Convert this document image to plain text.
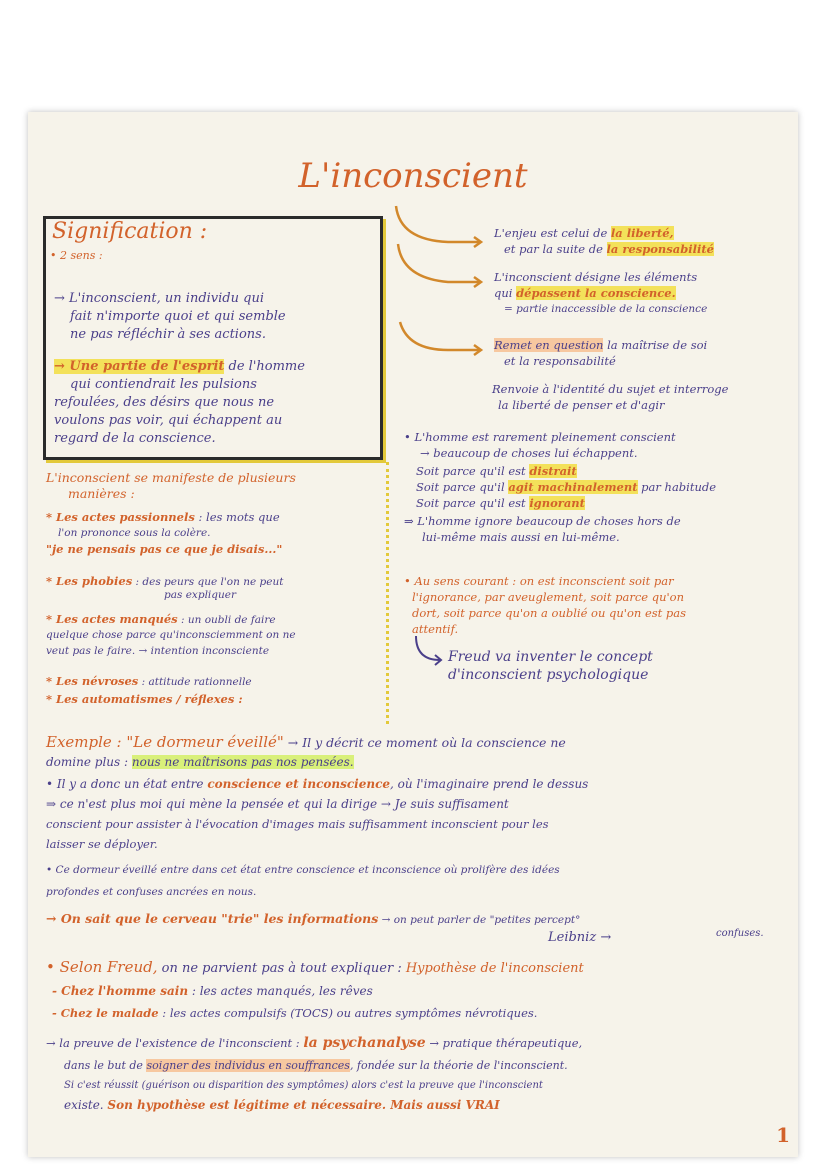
L'inconscient
Signification :
• 2 sens :
→ L'inconscient, un individu qui
fait n'importe quoi et qui semble
ne pas réfléchir à ses actions.
→ Une partie de l'esprit de l'homme
qui contiendrait les pulsions
refoulées, des désirs que nous ne
voulons pas voir, qui échappent au
regard de la conscience.
L'enjeu est celui de la liberté,
et par la suite de la responsabilité
L'inconscient désigne les éléments
qui dépassent la conscience.
= partie inaccessible de la conscience
Remet en question la maîtrise de soi
et la responsabilité
Renvoie à l'identité du sujet et interroge
la liberté de penser et d'agir
• L'homme est rarement pleinement conscient
→ beaucoup de choses lui échappent.
Soit parce qu'il est distrait
Soit parce qu'il agit machinalement par habitude
Soit parce qu'il est ignorant
⇒ L'homme ignore beaucoup de choses hors de
lui-même mais aussi en lui-même.
• Au sens courant : on est inconscient soit par
l'ignorance, par aveuglement, soit parce qu'on
dort, soit parce qu'on a oublié ou qu'on est pas
attentif.
Freud va inventer le concept
d'inconscient psychologique
L'inconscient se manifeste de plusieurs
manières :
* Les actes passionnels : les mots que
l'on prononce sous la colère.
"je ne pensais pas ce que je disais..."
* Les phobies : des peurs que l'on ne peut
pas expliquer
* Les actes manqués : un oubli de faire
quelque chose parce qu'inconsciemment on ne
veut pas le faire. → intention inconsciente
* Les névroses : attitude rationnelle
* Les automatismes / réflexes :
Exemple : "Le dormeur éveillé" → Il y décrit ce moment où la conscience ne
domine plus : nous ne maîtrisons pas nos pensées.
• Il y a donc un état entre conscience et inconscience, où l'imaginaire prend le dessus
⇒ ce n'est plus moi qui mène la pensée et qui la dirige → Je suis suffisament
conscient pour assister à l'évocation d'images mais suffisamment inconscient pour les
laisser se déployer.
• Ce dormeur éveillé entre dans cet état entre conscience et inconscience où prolifère des idées
profondes et confuses ancrées en nous.
→ On sait que le cerveau "trie" les informations → on peut parler de "petites percept°
confuses.
Leibniz →
• Selon Freud, on ne parvient pas à tout expliquer : Hypothèse de l'inconscient
- Chez l'homme sain : les actes manqués, les rêves
- Chez le malade : les actes compulsifs (TOCS) ou autres symptômes névrotiques.
→ la preuve de l'existence de l'inconscient : la psychanalyse → pratique thérapeutique,
dans le but de soigner des individus en souffrances, fondée sur la théorie de l'inconscient.
Si c'est réussit (guérison ou disparition des symptômes) alors c'est la preuve que l'inconscient
existe. Son hypothèse est légitime et nécessaire. Mais aussi VRAI
1
